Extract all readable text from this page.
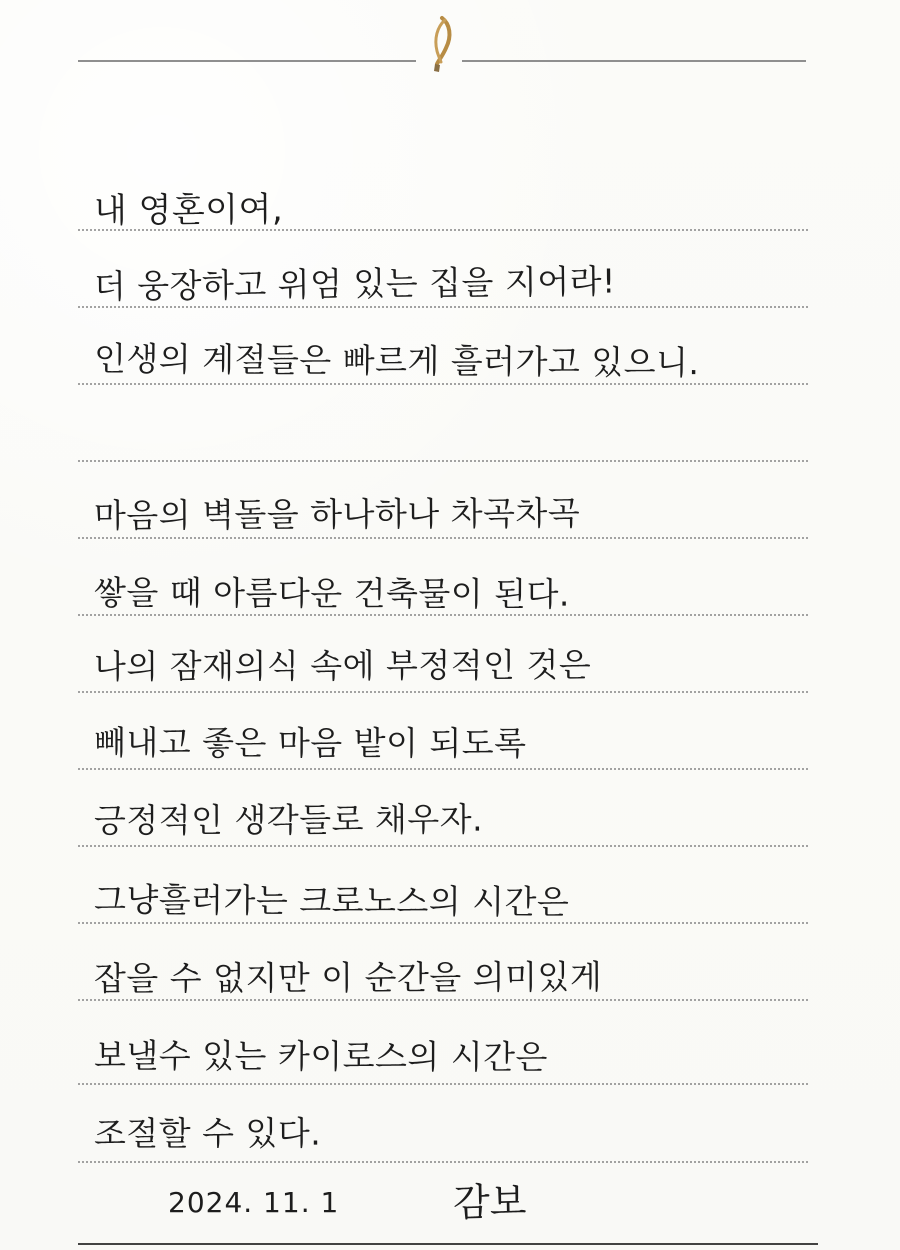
내 영혼이여,
더 웅장하고 위엄 있는 집을 지어라!
인생의 계절들은 빠르게 흘러가고 있으니.
마음의 벽돌을 하나하나 차곡차곡
쌓을 때 아름다운 건축물이 된다.
나의 잠재의식 속에 부정적인 것은
빼내고 좋은 마음 밭이 되도록
긍정적인 생각들로 채우자.
그냥흘러가는 크로노스의 시간은
잡을 수 없지만 이 순간을 의미있게
보낼수 있는 카이로스의 시간은
조절할 수 있다.
2024. 11. 1	감보
